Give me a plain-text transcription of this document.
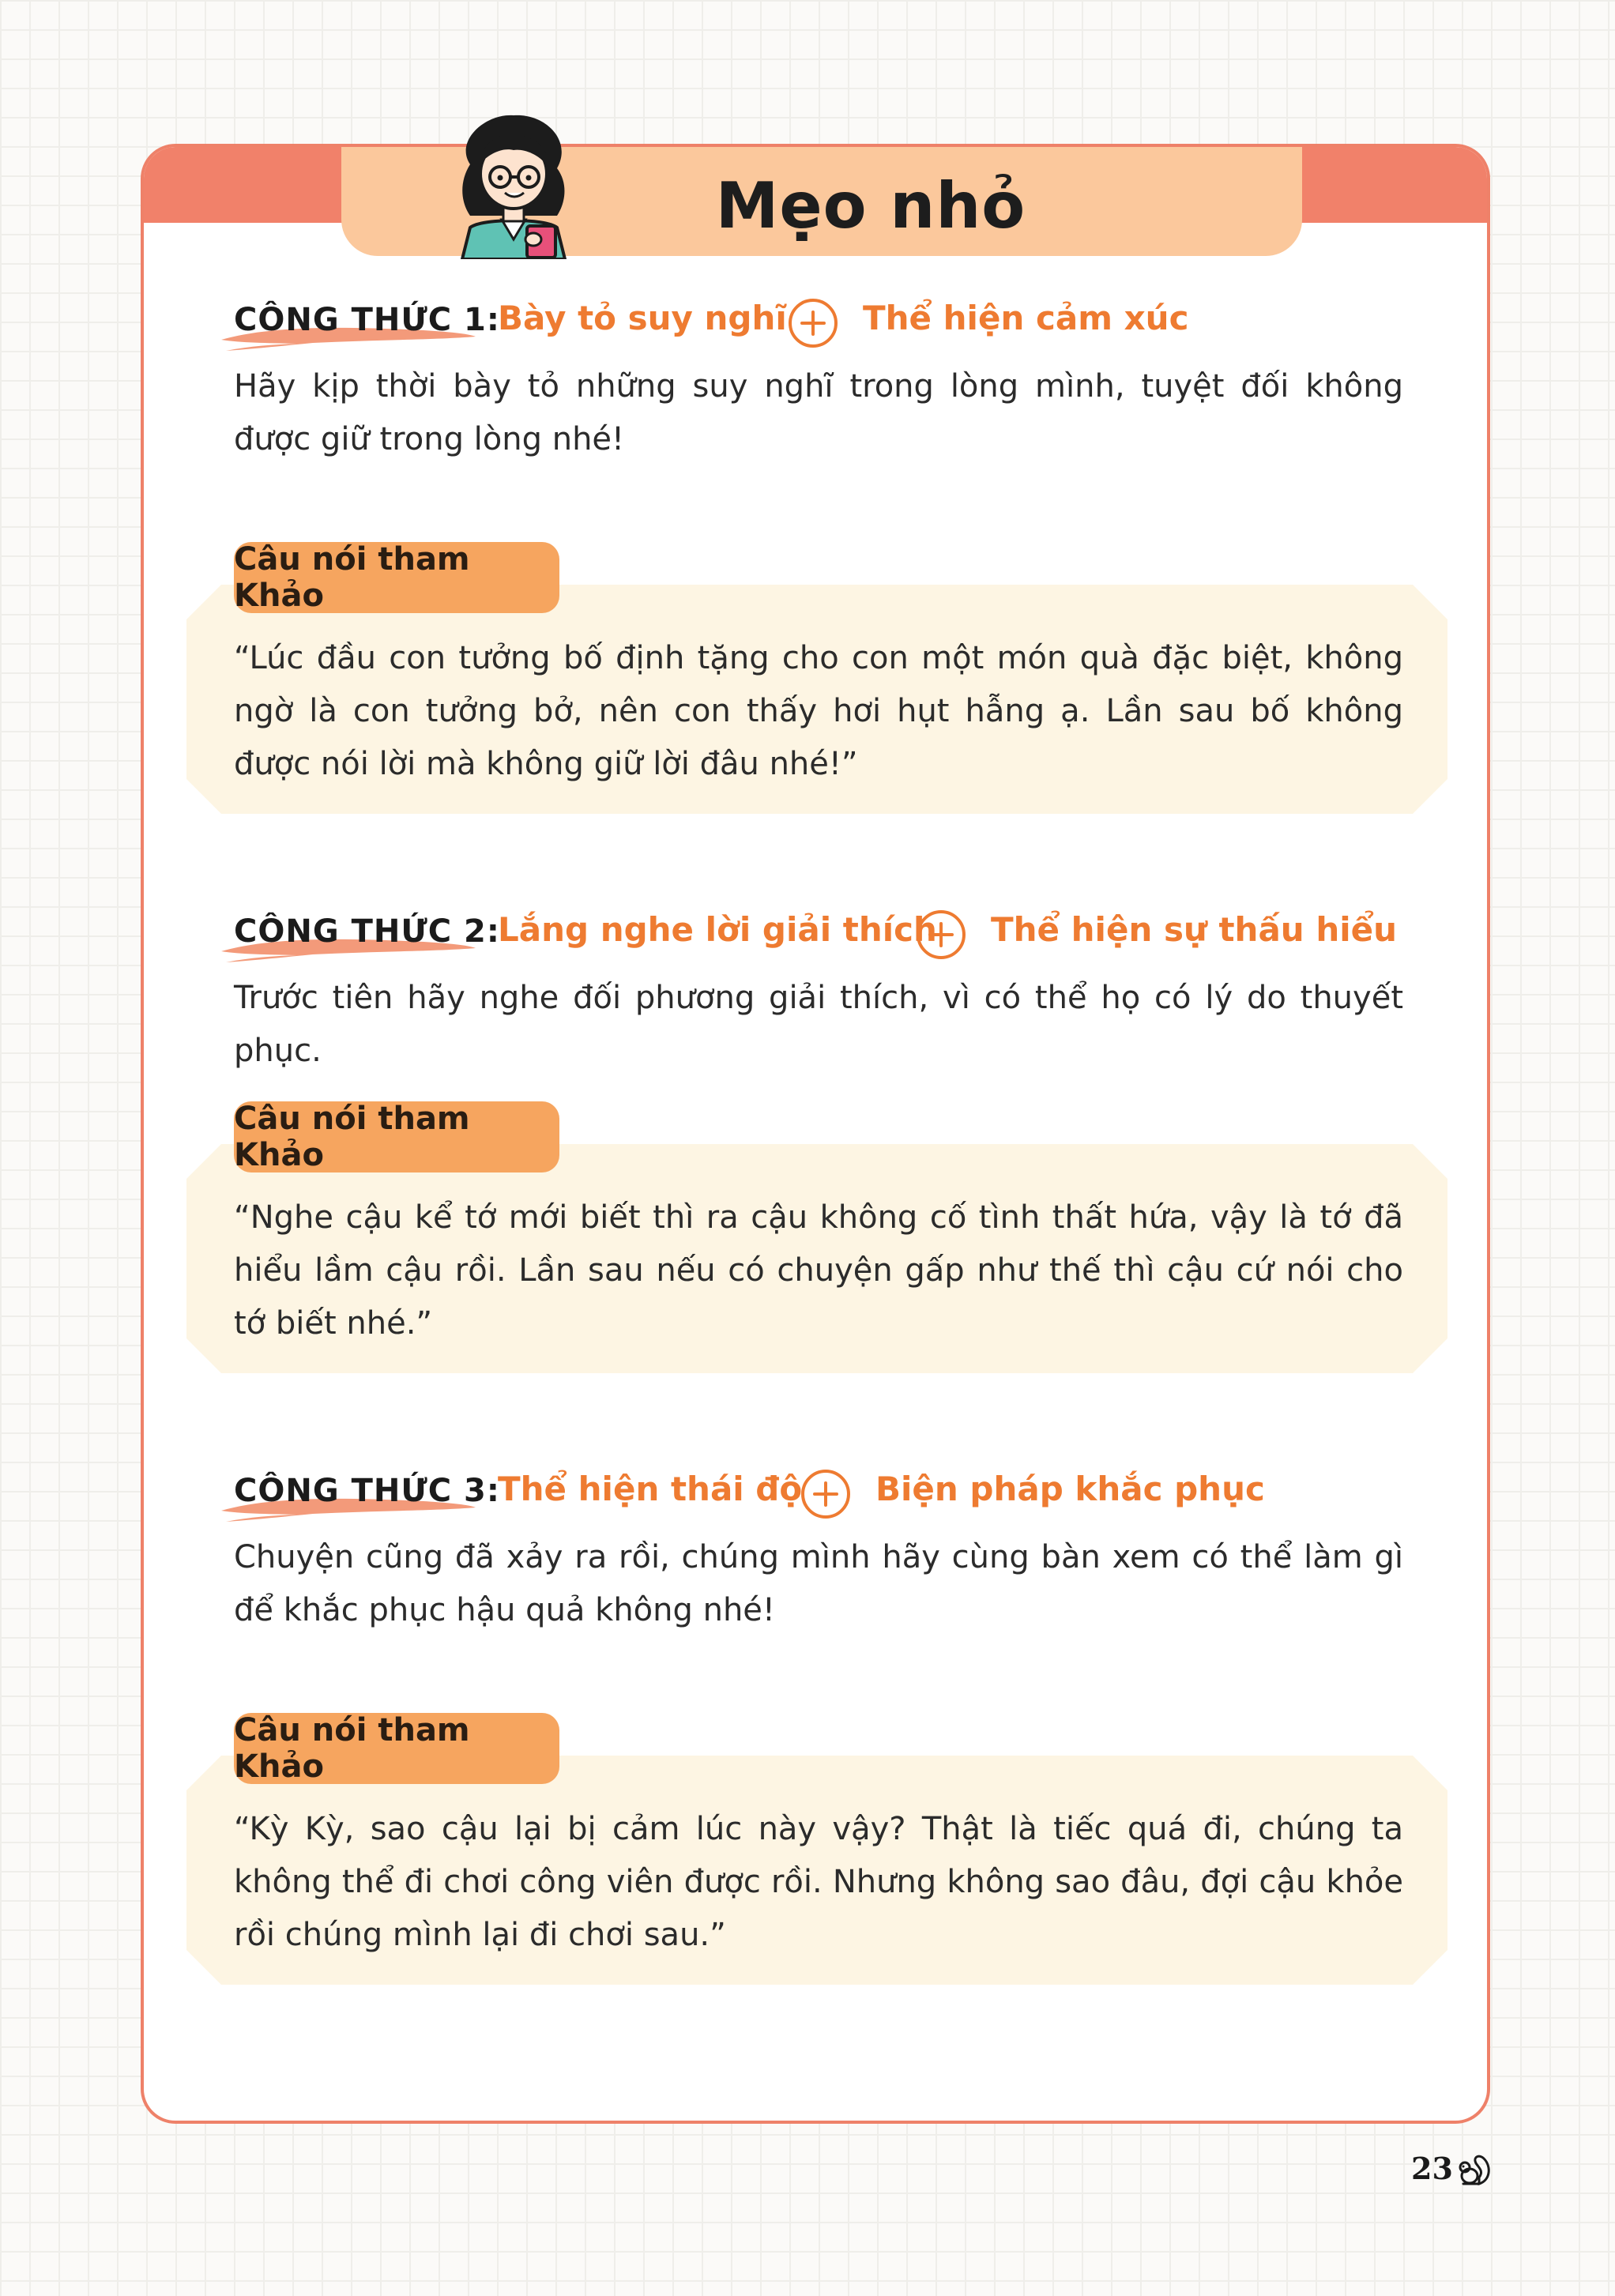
Mẹo nhỏ
CÔNG THỨC 1:
Bày tỏ suy nghĩ Thể hiện cảm xúc

Hãy kịp thời bày tỏ những suy nghĩ trong lòng mình, tuyệt đối không được giữ trong lòng nhé!

Câu nói tham Khảo

“Lúc đầu con tưởng bố định tặng cho con một món quà đặc biệt, không ngờ là con tưởng bở, nên con thấy hơi hụt hẫng ạ. Lần sau bố không được nói lời mà không giữ lời đâu nhé!”

CÔNG THỨC 2:
Lắng nghe lời giải thích Thể hiện sự thấu hiểu

Trước tiên hãy nghe đối phương giải thích, vì có thể họ có lý do thuyết phục.

Câu nói tham Khảo

“Nghe cậu kể tớ mới biết thì ra cậu không cố tình thất hứa, vậy là tớ đã hiểu lầm cậu rồi. Lần sau nếu có chuyện gấp như thế thì cậu cứ nói cho tớ biết nhé.”

CÔNG THỨC 3:
Thể hiện thái độ Biện pháp khắc phục

Chuyện cũng đã xảy ra rồi, chúng mình hãy cùng bàn xem có thể làm gì để khắc phục hậu quả không nhé!

Câu nói tham Khảo

“Kỳ Kỳ, sao cậu lại bị cảm lúc này vậy? Thật là tiếc quá đi, chúng ta không thể đi chơi công viên được rồi. Nhưng không sao đâu, đợi cậu khỏe rồi chúng mình lại đi chơi sau.”

23
